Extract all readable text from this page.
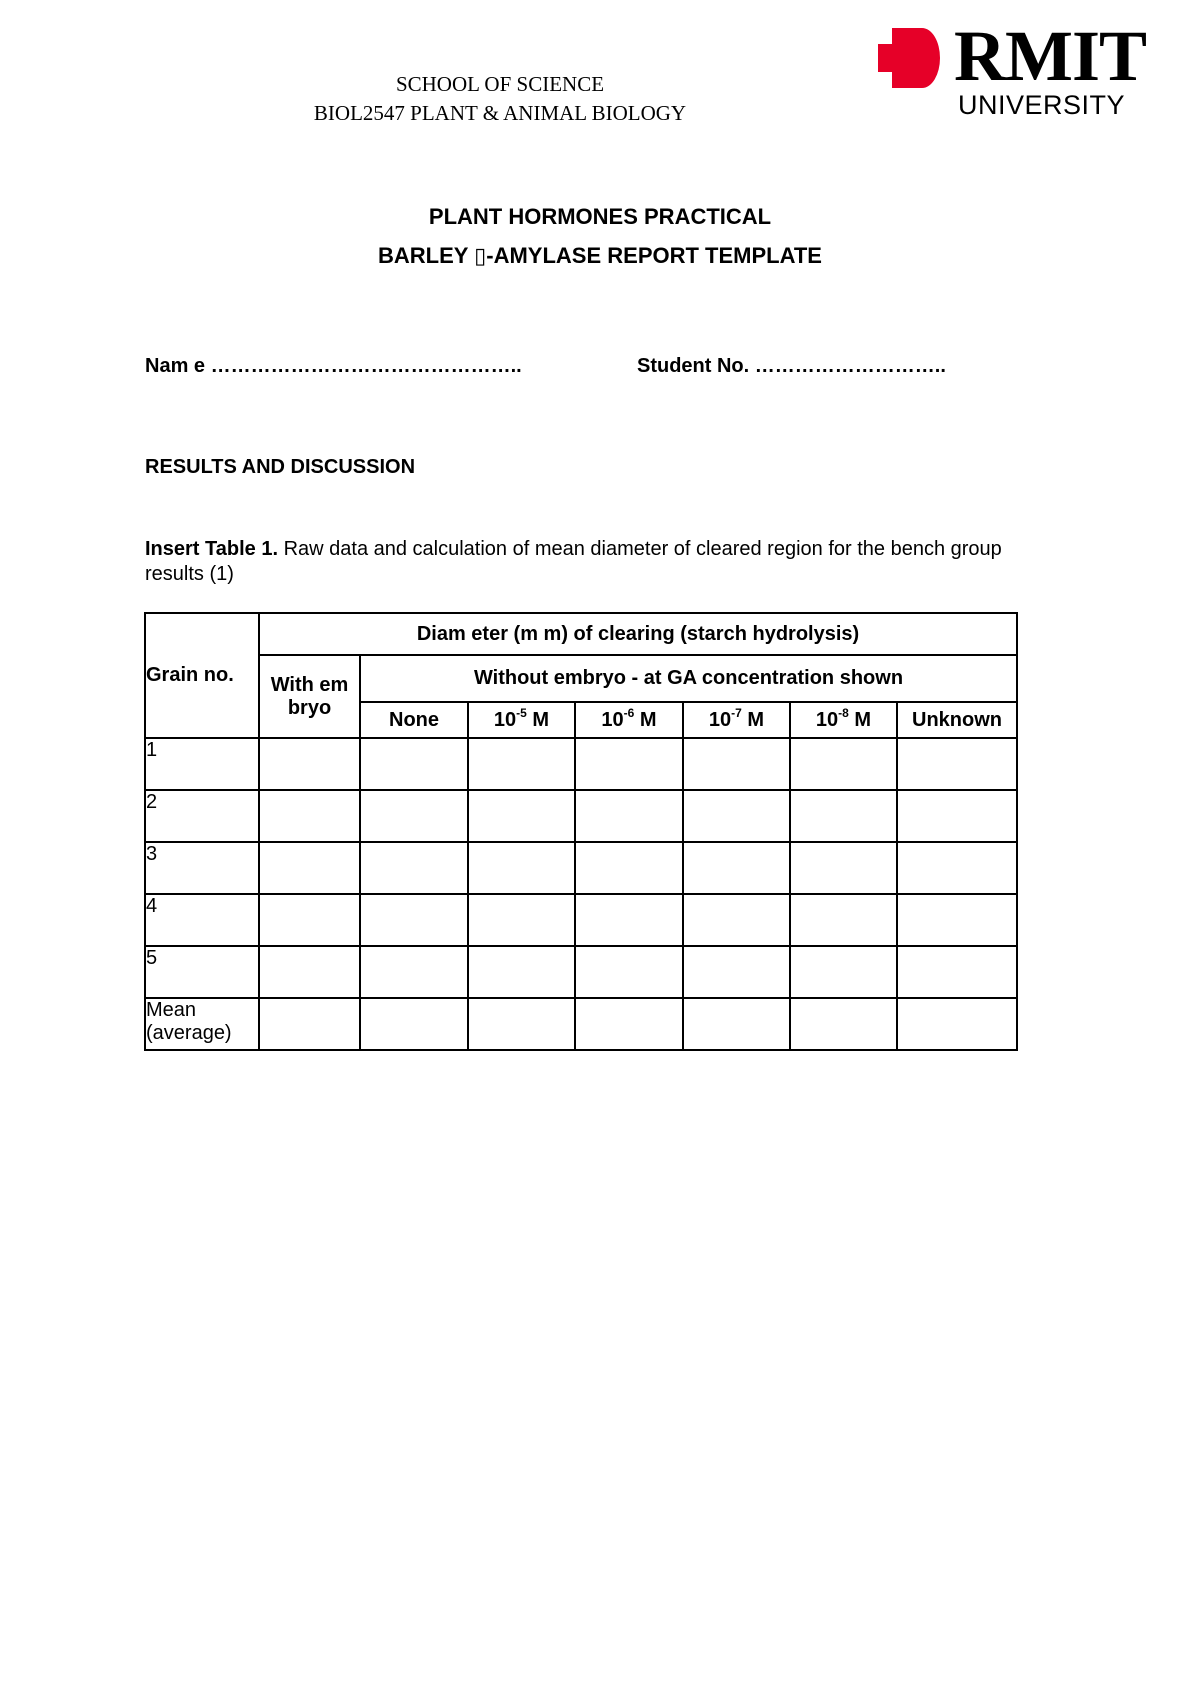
SCHOOL OF SCIENCE
BIOL2547 PLANT & ANIMAL BIOLOGY
RMIT
UNIVERSITY
PLANT HORMONES PRACTICAL
BARLEY ▯-AMYLASE REPORT TEMPLATE
Nam e ………………………………………..	Student No. ………………………..
RESULTS AND DISCUSSION
Insert Table 1. Raw data and calculation of mean diameter of cleared region for the bench group results (1)
Grain no.	Diam eter (m m) of clearing (starch hydrolysis)						
	With em bryo	Without embryo - at GA concentration shown					
		None	$10^{-5}$ M	$10^{-6}$ M	$10^{-7}$ M	$10^{-8}$ M	Unknown
1							
2							
3							
4							
5							
Mean (average)							
